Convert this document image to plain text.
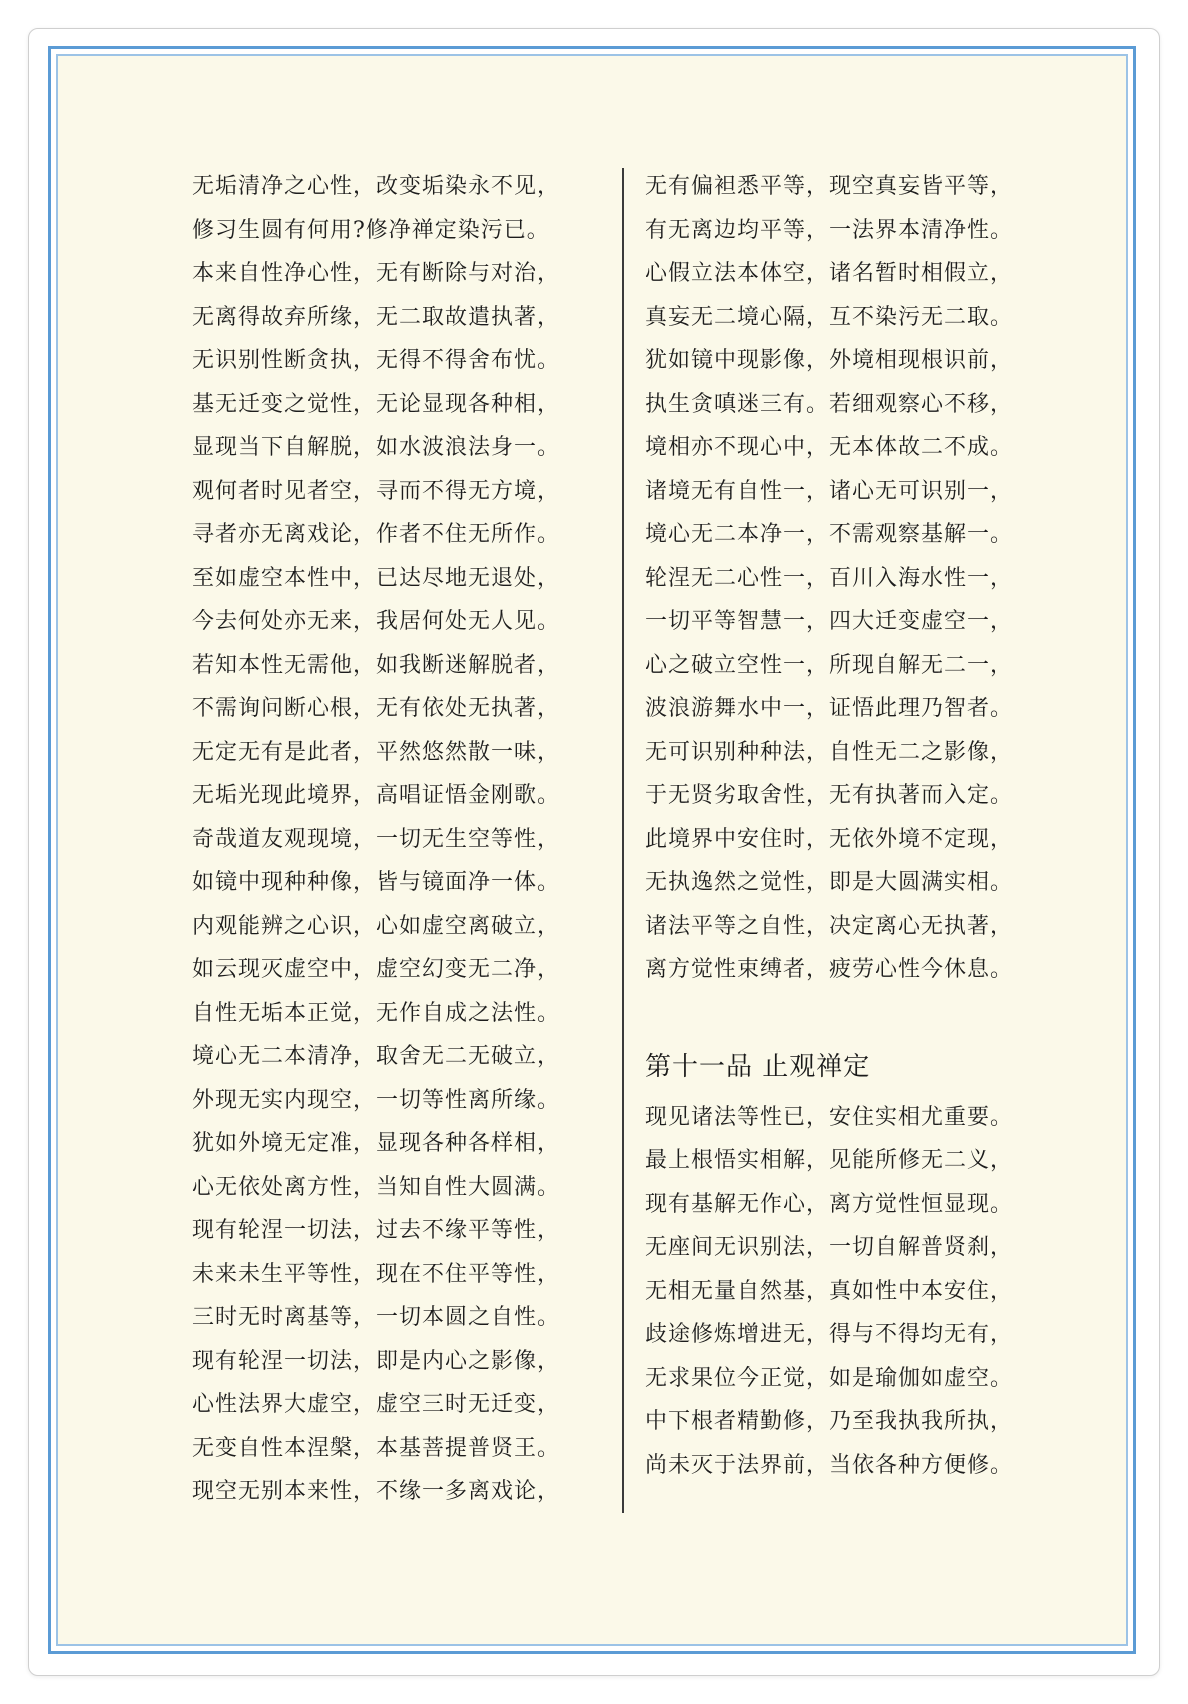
无垢清净之心性，改变垢染永不见，
修习生圆有何用?修净禅定染污已。
本来自性净心性，无有断除与对治，
无离得故弃所缘，无二取故遣执著，
无识别性断贪执，无得不得舍布忧。
基无迁变之觉性，无论显现各种相，
显现当下自解脱，如水波浪法身一。
观何者时见者空，寻而不得无方境，
寻者亦无离戏论，作者不住无所作。
至如虚空本性中，已达尽地无退处，
今去何处亦无来，我居何处无人见。
若知本性无需他，如我断迷解脱者，
不需询问断心根，无有依处无执著，
无定无有是此者，平然悠然散一味，
无垢光现此境界，高唱证悟金刚歌。
奇哉道友观现境，一切无生空等性，
如镜中现种种像，皆与镜面净一体。
内观能辨之心识，心如虚空离破立，
如云现灭虚空中，虚空幻变无二净，
自性无垢本正觉，无作自成之法性。
境心无二本清净，取舍无二无破立，
外现无实内现空，一切等性离所缘。
犹如外境无定准，显现各种各样相，
心无依处离方性，当知自性大圆满。
现有轮涅一切法，过去不缘平等性，
未来未生平等性，现在不住平等性，
三时无时离基等，一切本圆之自性。
现有轮涅一切法，即是内心之影像，
心性法界大虚空，虚空三时无迁变，
无变自性本涅槃，本基菩提普贤王。
现空无别本来性，不缘一多离戏论，
无有偏袒悉平等，现空真妄皆平等，
有无离边均平等，一法界本清净性。
心假立法本体空，诸名暂时相假立，
真妄无二境心隔，互不染污无二取。
犹如镜中现影像，外境相现根识前，
执生贪嗔迷三有。若细观察心不移，
境相亦不现心中，无本体故二不成。
诸境无有自性一，诸心无可识别一，
境心无二本净一，不需观察基解一。
轮涅无二心性一，百川入海水性一，
一切平等智慧一，四大迁变虚空一，
心之破立空性一，所现自解无二一，
波浪游舞水中一，证悟此理乃智者。
无可识别种种法，自性无二之影像，
于无贤劣取舍性，无有执著而入定。
此境界中安住时，无依外境不定现，
无执逸然之觉性，即是大圆满实相。
诸法平等之自性，决定离心无执著，
离方觉性束缚者，疲劳心性今休息。
第十一品 止观禅定
现见诸法等性已，安住实相尤重要。
最上根悟实相解，见能所修无二义，
现有基解无作心，离方觉性恒显现。
无座间无识别法，一切自解普贤刹，
无相无量自然基，真如性中本安住，
歧途修炼增进无，得与不得均无有，
无求果位今正觉，如是瑜伽如虚空。
中下根者精勤修，乃至我执我所执，
尚未灭于法界前，当依各种方便修。
